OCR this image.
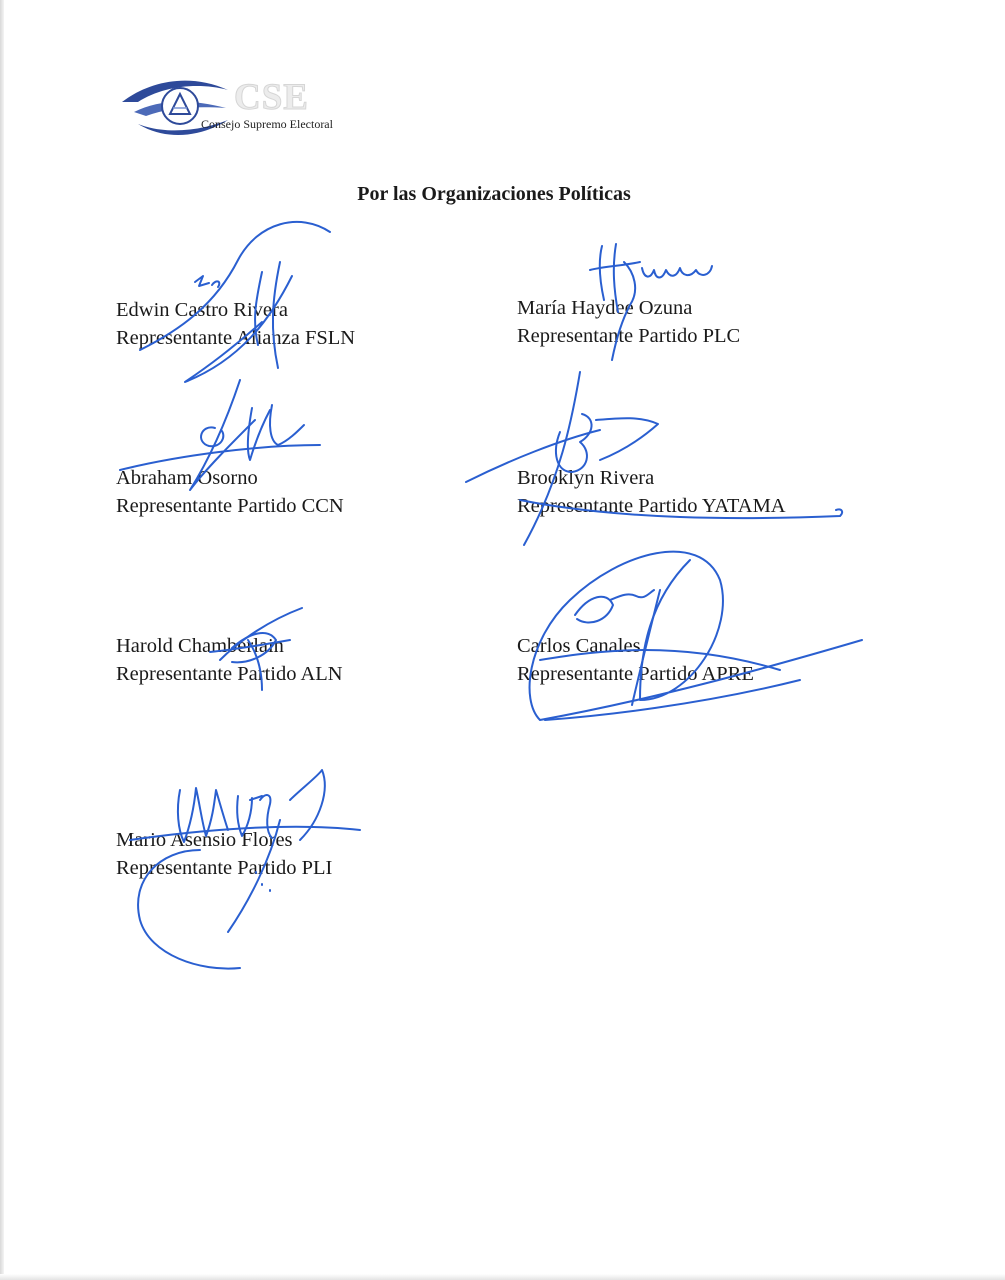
CSE
Consejo Supremo Electoral
Por las Organizaciones Políticas
Edwin Castro Rivera
Representante Alianza FSLN
María Haydee Ozuna
Representante Partido PLC
Abraham Osorno
Representante Partido CCN
Brooklyn Rivera
Representante Partido YATAMA
Harold Chamberlain
Representante Partido ALN
Carlos Canales
Representante Partido APRE
Mario Asensio Flores
Representante Partido PLI
